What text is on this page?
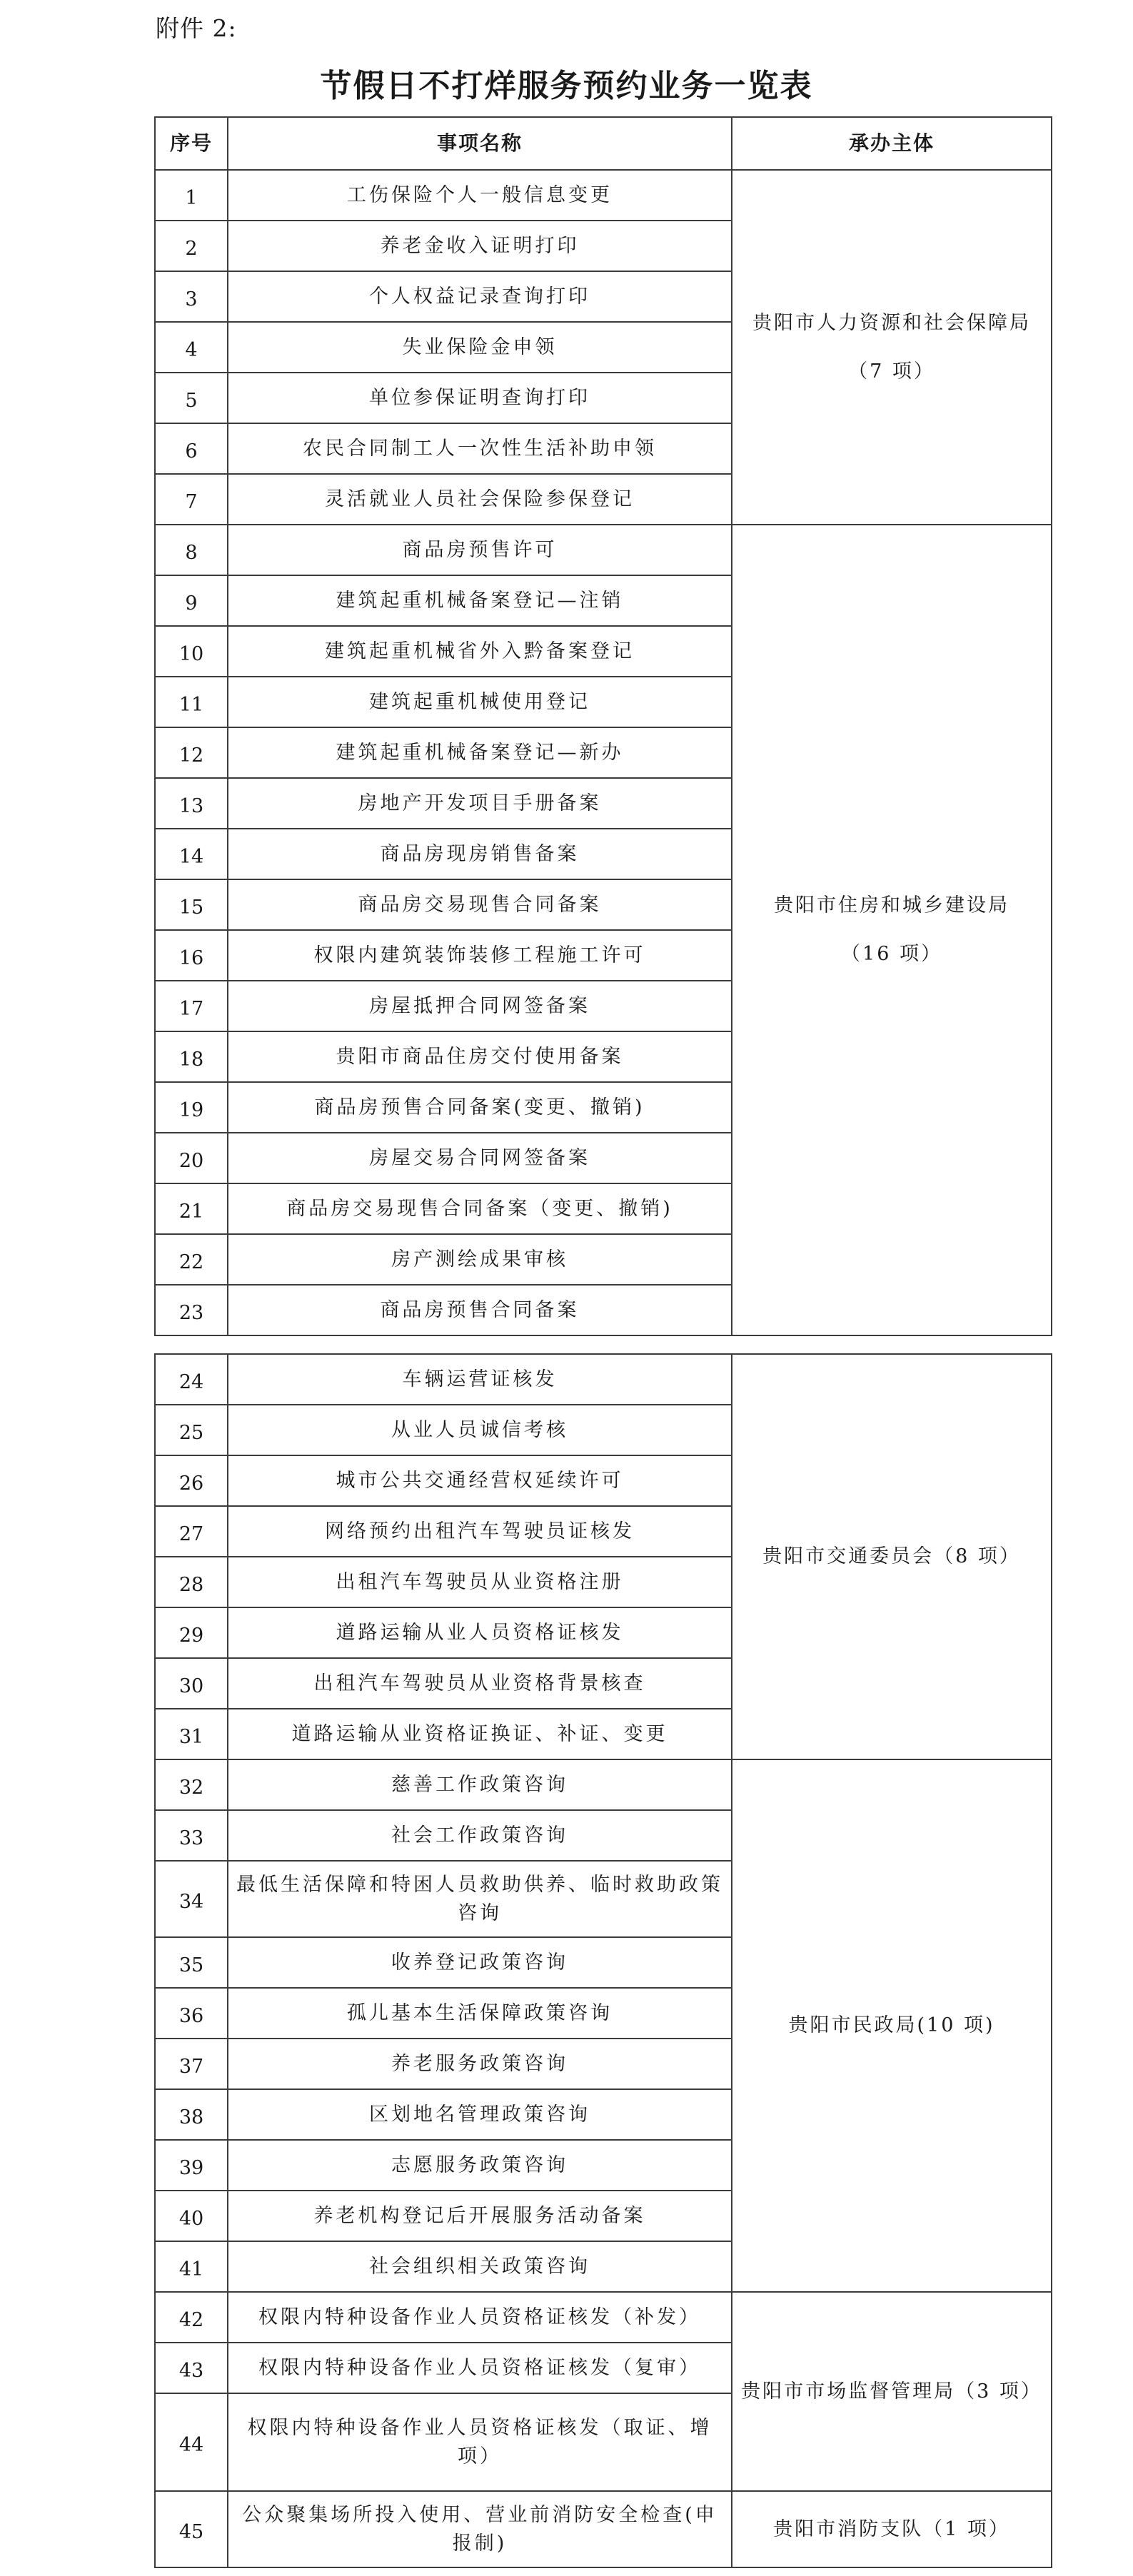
附件 2:
节假日不打烊服务预约业务一览表
序号	事项名称	承办主体
1	工伤保险个人一般信息变更	贵阳市人力资源和社会保障局
（7 项）
2	养老金收入证明打印	
3	个人权益记录查询打印	
4	失业保险金申领	
5	单位参保证明查询打印	
6	农民合同制工人一次性生活补助申领	
7	灵活就业人员社会保险参保登记	
8	商品房预售许可	贵阳市住房和城乡建设局
（16 项）
9	建筑起重机械备案登记—注销	
10	建筑起重机械省外入黔备案登记	
11	建筑起重机械使用登记	
12	建筑起重机械备案登记—新办	
13	房地产开发项目手册备案	
14	商品房现房销售备案	
15	商品房交易现售合同备案	
16	权限内建筑装饰装修工程施工许可	
17	房屋抵押合同网签备案	
18	贵阳市商品住房交付使用备案	
19	商品房预售合同备案(变更、撤销)	
20	房屋交易合同网签备案	
21	商品房交易现售合同备案（变更、撤销)	
22	房产测绘成果审核	
23	商品房预售合同备案	
24	车辆运营证核发	贵阳市交通委员会（8 项）
25	从业人员诚信考核	
26	城市公共交通经营权延续许可	
27	网络预约出租汽车驾驶员证核发	
28	出租汽车驾驶员从业资格注册	
29	道路运输从业人员资格证核发	
30	出租汽车驾驶员从业资格背景核查	
31	道路运输从业资格证换证、补证、变更	
32	慈善工作政策咨询	贵阳市民政局(10 项)
33	社会工作政策咨询	
34	最低生活保障和特困人员救助供养、临时救助政策咨询	
35	收养登记政策咨询	
36	孤儿基本生活保障政策咨询	
37	养老服务政策咨询	
38	区划地名管理政策咨询	
39	志愿服务政策咨询	
40	养老机构登记后开展服务活动备案	
41	社会组织相关政策咨询	
42	权限内特种设备作业人员资格证核发（补发）	贵阳市市场监督管理局（3 项）
43	权限内特种设备作业人员资格证核发（复审）	
44	权限内特种设备作业人员资格证核发（取证、增项）	
45	公众聚集场所投入使用、营业前消防安全检查(申报制)	贵阳市消防支队（1 项）
